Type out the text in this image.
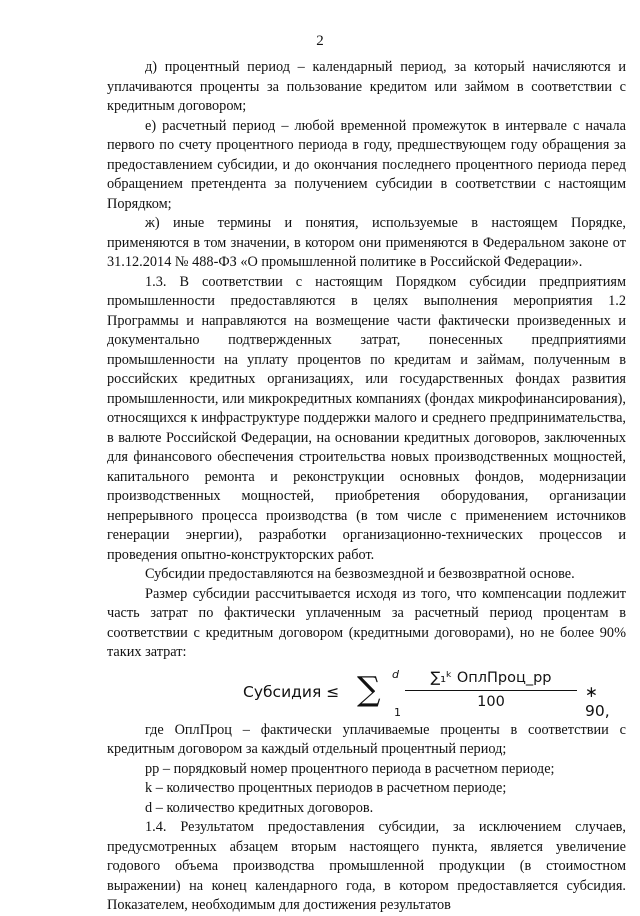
2

д) процентный период – календарный период, за который начисляются и уплачиваются проценты за пользование кредитом или займом в соответствии с кредитным договором;

е) расчетный период – любой временной промежуток в интервале с начала первого по счету процентного периода в году, предшествующем году обращения за предоставлением субсидии, и до окончания последнего процентного периода перед обращением претендента за получением субсидии в соответствии с настоящим Порядком;

ж) иные термины и понятия, используемые в настоящем Порядке, применяются в том значении, в котором они применяются в Федеральном законе от 31.12.2014 № 488-ФЗ «О промышленной политике в Российской Федерации».

1.3. В соответствии с настоящим Порядком субсидии предприятиям промышленности предоставляются в целях выполнения мероприятия 1.2 Программы и направляются на возмещение части фактически произведенных и документально подтвержденных затрат, понесенных предприятиями промышленности на уплату процентов по кредитам и займам, полученным в российских кредитных организациях, или государственных фондах развития промышленности, или микрокредитных компаниях (фондах микрофинансирования), относящихся к инфраструктуре поддержки малого и среднего предпринимательства, в валюте Российской Федерации, на основании кредитных договоров, заключенных для финансового обеспечения строительства новых производственных мощностей, капитального ремонта и реконструкции основных фондов, модернизации производственных мощностей, приобретения оборудования, организации непрерывного процесса производства (в том числе с применением источников генерации энергии), разработки организационно-технических процессов и проведения опытно-конструкторских работ.

Субсидии предоставляются на безвозмездной и безвозвратной основе.

Размер субсидии рассчитывается исходя из того, что компенсации подлежит часть затрат по фактически уплаченным за расчетный период процентам в соответствии с кредитным договором (кредитными договорами), но не более 90% таких затрат:

Субсидия ≤ ∑ d
1
∑₁ᵏ ОплПроц_pp
100
∗ 90,

где ОплПроц – фактически уплачиваемые проценты в соответствии с кредитным договором за каждый отдельный процентный период;

pp – порядковый номер процентного периода в расчетном периоде;

k – количество процентных периодов в расчетном периоде;

d – количество кредитных договоров.

1.4. Результатом предоставления субсидии, за исключением случаев, предусмотренных абзацем вторым настоящего пункта, является увеличение годового объема производства промышленной продукции (в стоимостном выражении) на конец календарного года, в котором предоставляется субсидия. Показателем, необходимым для достижения результатов
